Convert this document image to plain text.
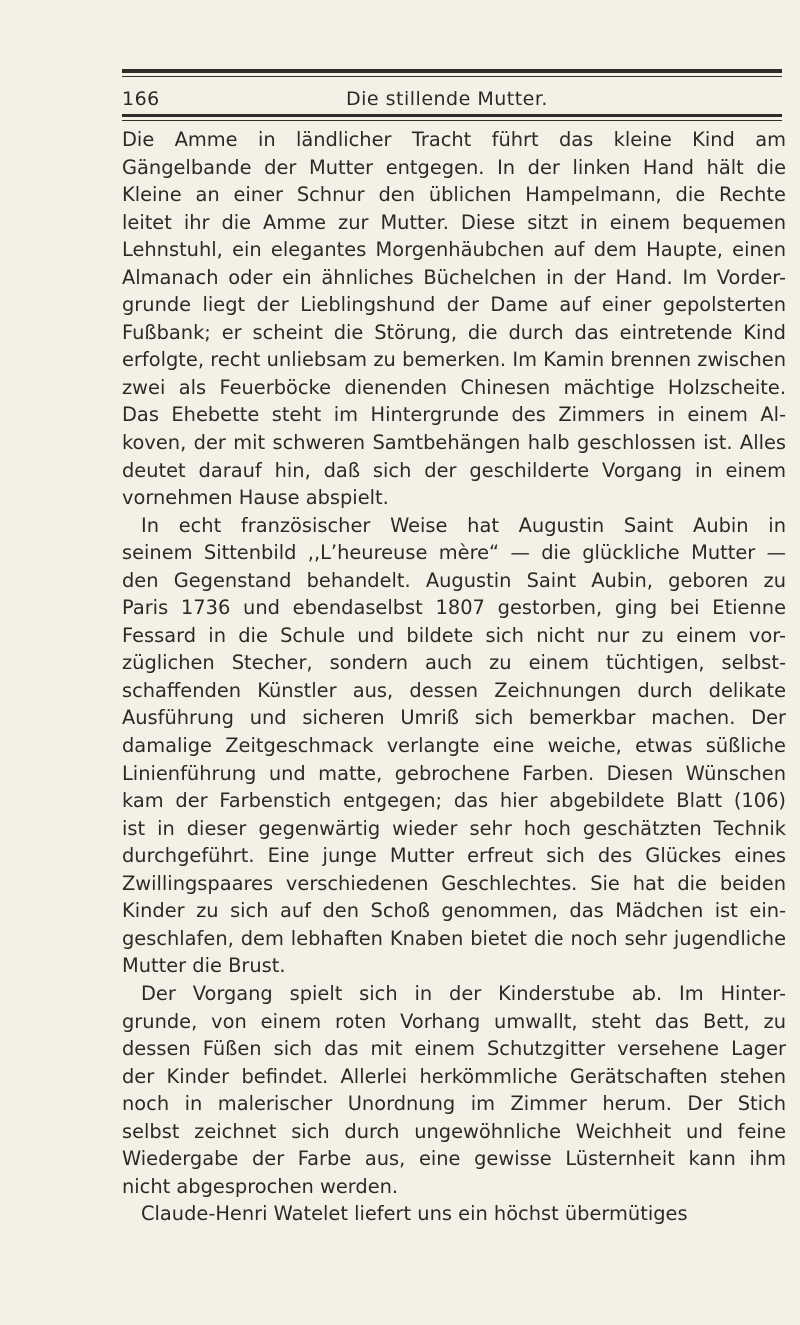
166	Die stillende Mutter.
Die Amme in ländlicher Tracht führt das kleine Kind am
Gängelbande der Mutter entgegen. In der linken Hand hält die
Kleine an einer Schnur den üblichen Hampelmann, die Rechte
leitet ihr die Amme zur Mutter. Diese sitzt in einem bequemen
Lehnstuhl, ein elegantes Morgenhäubchen auf dem Haupte, einen
Almanach oder ein ähnliches Büchelchen in der Hand. Im Vorder-
grunde liegt der Lieblingshund der Dame auf einer gepolsterten
Fußbank; er scheint die Störung, die durch das eintretende Kind
erfolgte, recht unliebsam zu bemerken. Im Kamin brennen zwischen
zwei als Feuerböcke dienenden Chinesen mächtige Holzscheite.
Das Ehebette steht im Hintergrunde des Zimmers in einem Al-
koven, der mit schweren Samtbehängen halb geschlossen ist. Alles
deutet darauf hin, daß sich der geschilderte Vorgang in einem
vornehmen Hause abspielt.
In echt französischer Weise hat Augustin Saint Aubin in
seinem Sittenbild ,,L’heureuse mère“ — die glückliche Mutter —
den Gegenstand behandelt. Augustin Saint Aubin, geboren zu
Paris 1736 und ebendaselbst 1807 gestorben, ging bei Etienne
Fessard in die Schule und bildete sich nicht nur zu einem vor-
züglichen Stecher, sondern auch zu einem tüchtigen, selbst-
schaffenden Künstler aus, dessen Zeichnungen durch delikate
Ausführung und sicheren Umriß sich bemerkbar machen. Der
damalige Zeitgeschmack verlangte eine weiche, etwas süßliche
Linienführung und matte, gebrochene Farben. Diesen Wünschen
kam der Farbenstich entgegen; das hier abgebildete Blatt (106)
ist in dieser gegenwärtig wieder sehr hoch geschätzten Technik
durchgeführt. Eine junge Mutter erfreut sich des Glückes eines
Zwillingspaares verschiedenen Geschlechtes. Sie hat die beiden
Kinder zu sich auf den Schoß genommen, das Mädchen ist ein-
geschlafen, dem lebhaften Knaben bietet die noch sehr jugendliche
Mutter die Brust.
Der Vorgang spielt sich in der Kinderstube ab. Im Hinter-
grunde, von einem roten Vorhang umwallt, steht das Bett, zu
dessen Füßen sich das mit einem Schutzgitter versehene Lager
der Kinder befindet. Allerlei herkömmliche Gerätschaften stehen
noch in malerischer Unordnung im Zimmer herum. Der Stich
selbst zeichnet sich durch ungewöhnliche Weichheit und feine
Wiedergabe der Farbe aus, eine gewisse Lüsternheit kann ihm
nicht abgesprochen werden.
Claude-Henri Watelet liefert uns ein höchst übermütiges
